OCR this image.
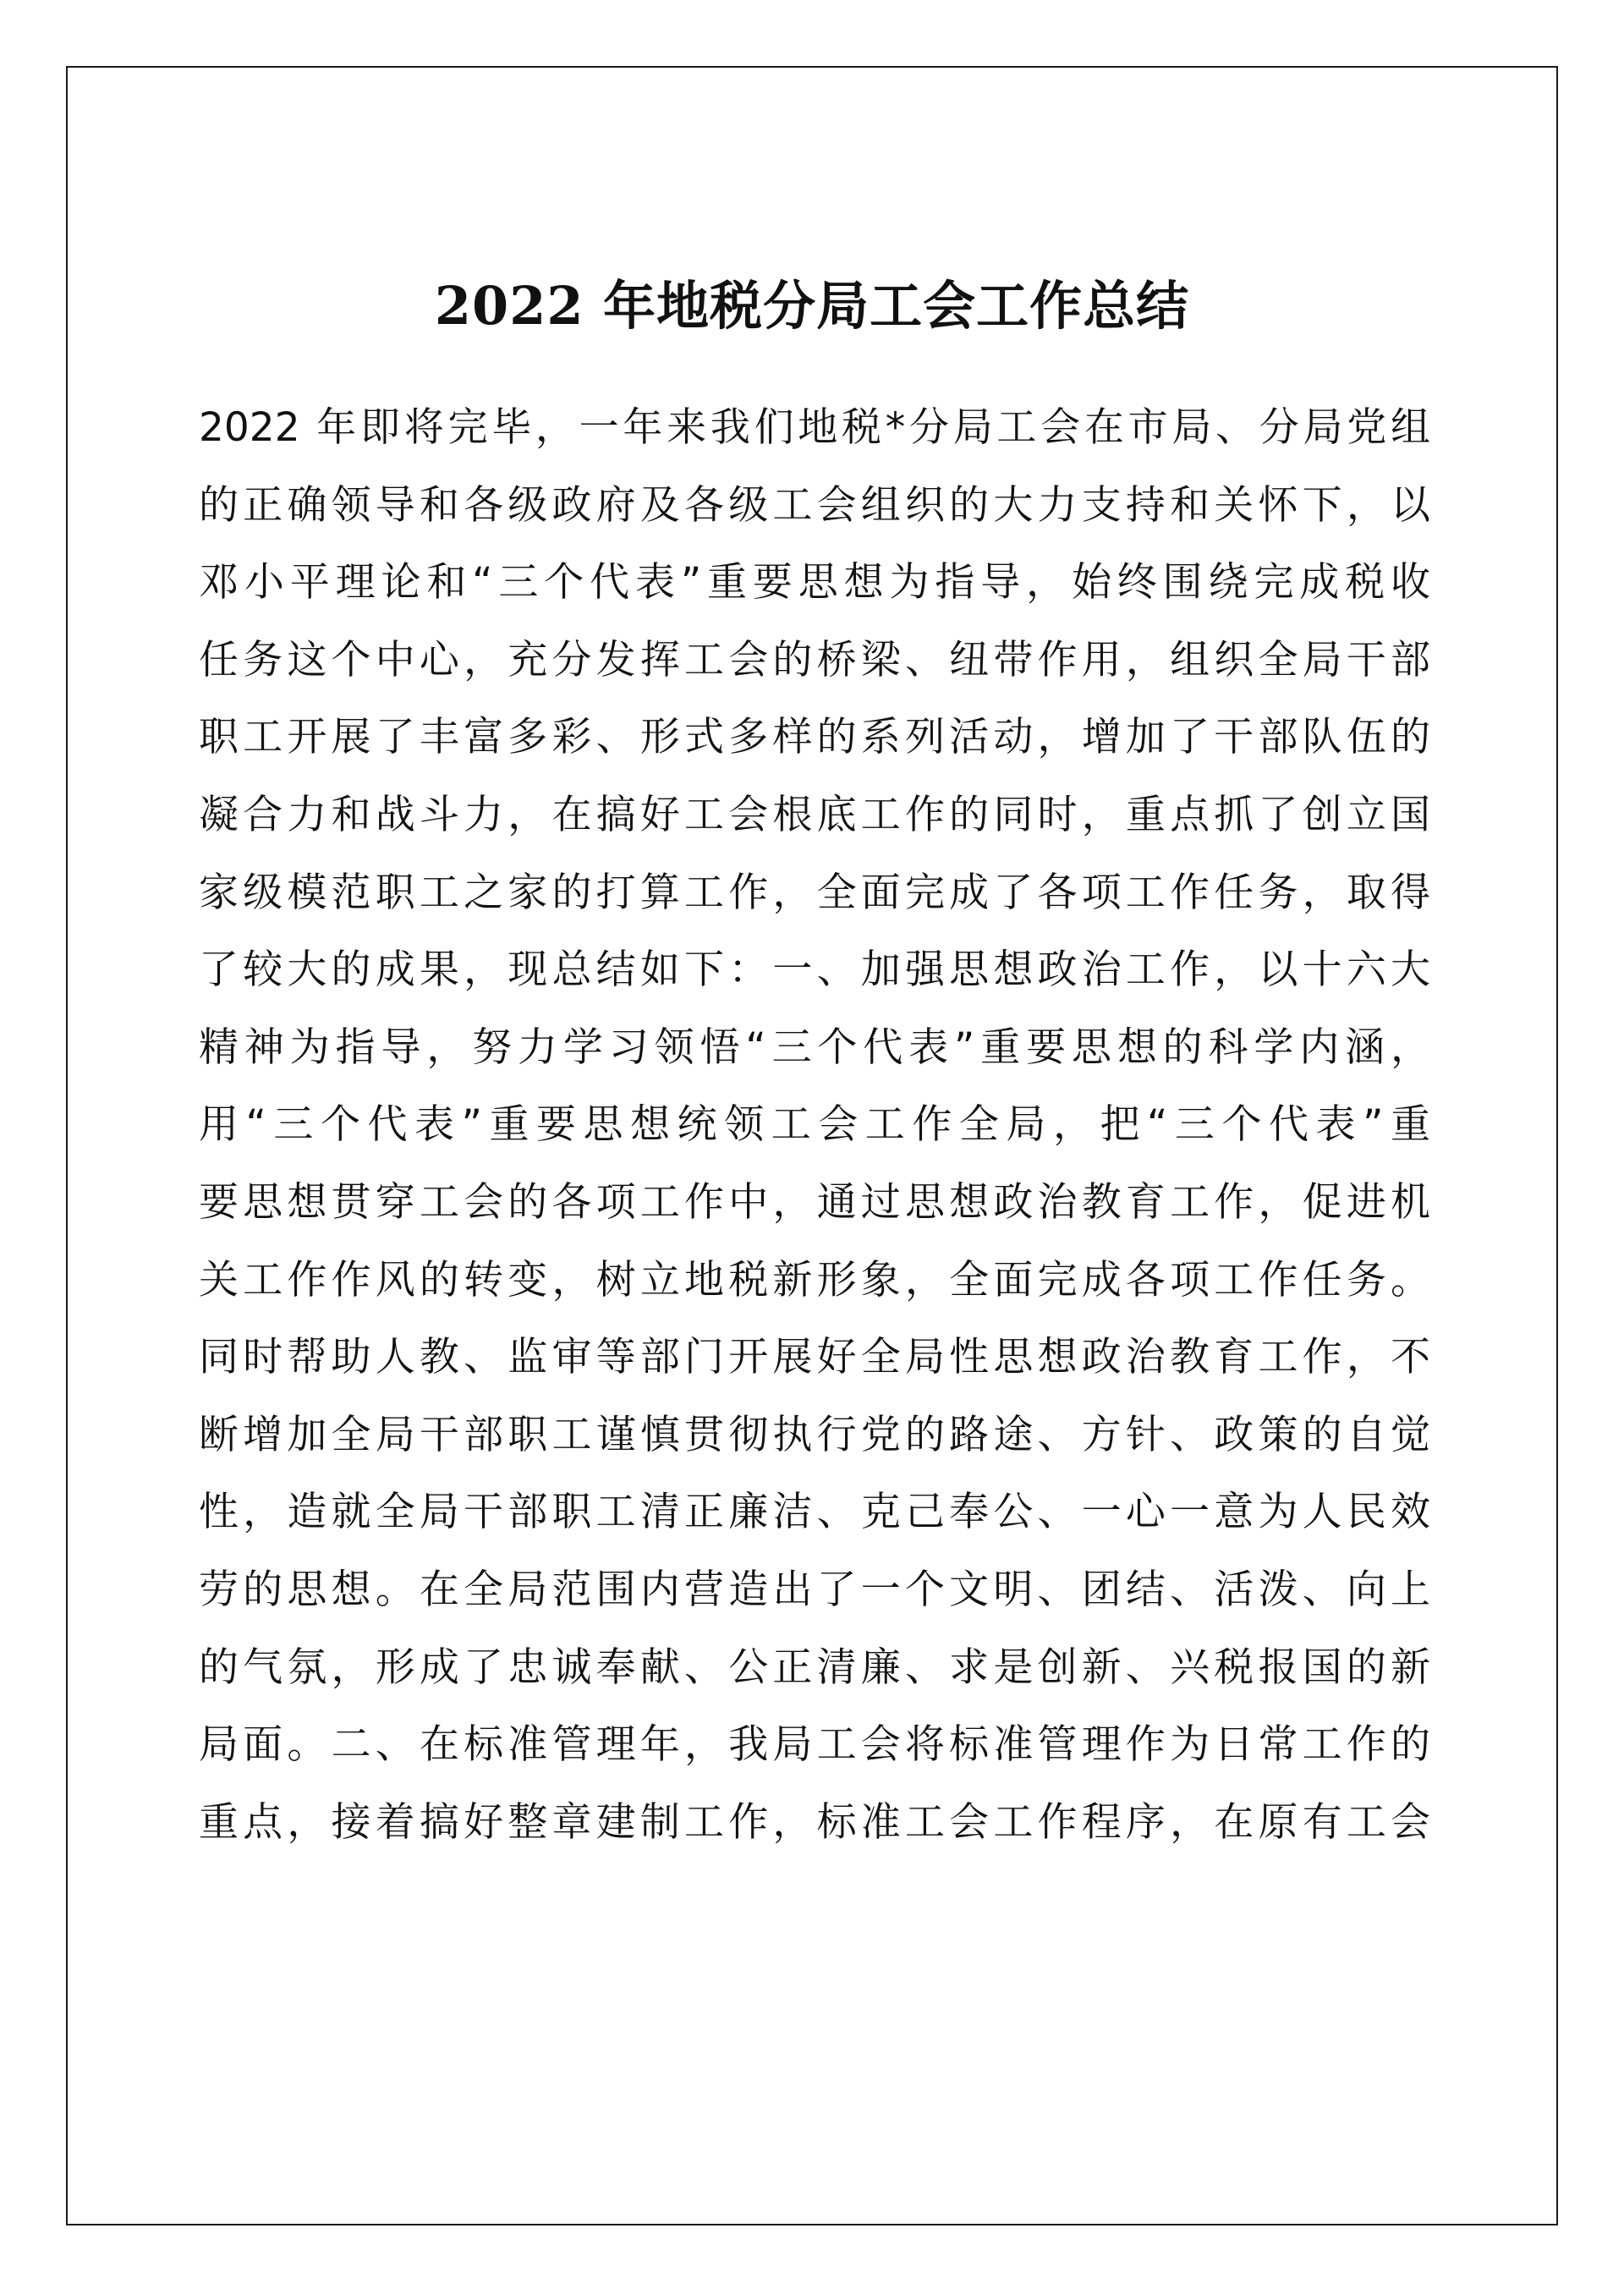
2022 年地税分局工会工作总结
2022 年即将完毕，一年来我们地税*分局工会在市局、分局党组
的正确领导和各级政府及各级工会组织的大力支持和关怀下，以
邓小平理论和“三个代表”重要思想为指导，始终围绕完成税收
任务这个中心，充分发挥工会的桥梁、纽带作用，组织全局干部
职工开展了丰富多彩、形式多样的系列活动，增加了干部队伍的
凝合力和战斗力，在搞好工会根底工作的同时，重点抓了创立国
家级模范职工之家的打算工作，全面完成了各项工作任务，取得
了较大的成果，现总结如下：一、加强思想政治工作，以十六大
精神为指导，努力学习领悟“三个代表”重要思想的科学内涵，
用“三个代表”重要思想统领工会工作全局，把“三个代表”重
要思想贯穿工会的各项工作中，通过思想政治教育工作，促进机
关工作作风的转变，树立地税新形象，全面完成各项工作任务。
同时帮助人教、监审等部门开展好全局性思想政治教育工作，不
断增加全局干部职工谨慎贯彻执行党的路途、方针、政策的自觉
性，造就全局干部职工清正廉洁、克己奉公、一心一意为人民效
劳的思想。在全局范围内营造出了一个文明、团结、活泼、向上
的气氛，形成了忠诚奉献、公正清廉、求是创新、兴税报国的新
局面。二、在标准管理年，我局工会将标准管理作为日常工作的
重点，接着搞好整章建制工作，标准工会工作程序，在原有工会
